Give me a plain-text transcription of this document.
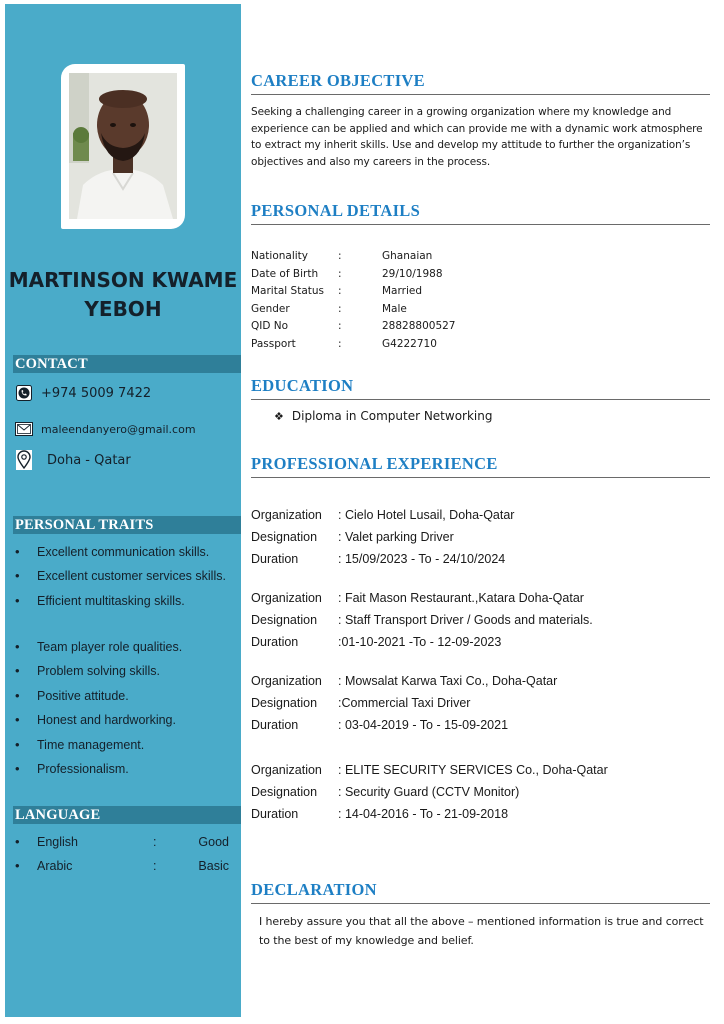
MARTINSON KWAME
YEBOH
CONTACT
+974 5009 7422
maleendanyero@gmail.com
Doha - Qatar
PERSONAL TRAITS
• Excellent communication skills.
• Excellent customer services skills.
• Efficient multitasking skills.
• Team player role qualities.
• Problem solving skills.
• Positive attitude.
• Honest and hardworking.
• Time management.
• Professionalism.
LANGUAGE
• English	:	Good
• Arabic	:	Basic
CAREER OBJECTIVE
Seeking a challenging career in a growing organization where my knowledge and experience can be applied and which can provide me with a dynamic work atmosphere to extract my inherit skills. Use and develop my attitude to further the organization’s objectives and also my careers in the process.
PERSONAL DETAILS
Nationality	:	Ghanaian
Date of Birth :	29/10/1988
Marital Status :	Married
Gender	:	Male
QID No	:	28828800527
Passport	:	G4222710
EDUCATION
❖ Diploma in Computer Networking
PROFESSIONAL EXPERIENCE
Organization : Cielo Hotel Lusail, Doha-Qatar
Designation : Valet parking Driver
Duration	: 15/09/2023 - To - 24/10/2024
Organization : Fait Mason Restaurant.,Katara Doha-Qatar
Designation : Staff Transport Driver / Goods and materials.
Duration	:01-10-2021 -To - 12-09-2023
Organization : Mowsalat Karwa Taxi Co., Doha-Qatar
Designation :Commercial Taxi Driver
Duration	: 03-04-2019 - To - 15-09-2021
Organization : ELITE SECURITY SERVICES Co., Doha-Qatar
Designation : Security Guard (CCTV Monitor)
Duration	: 14-04-2016 - To - 21-09-2018
DECLARATION
I hereby assure you that all the above – mentioned information is true and correct to the best of my knowledge and belief.
